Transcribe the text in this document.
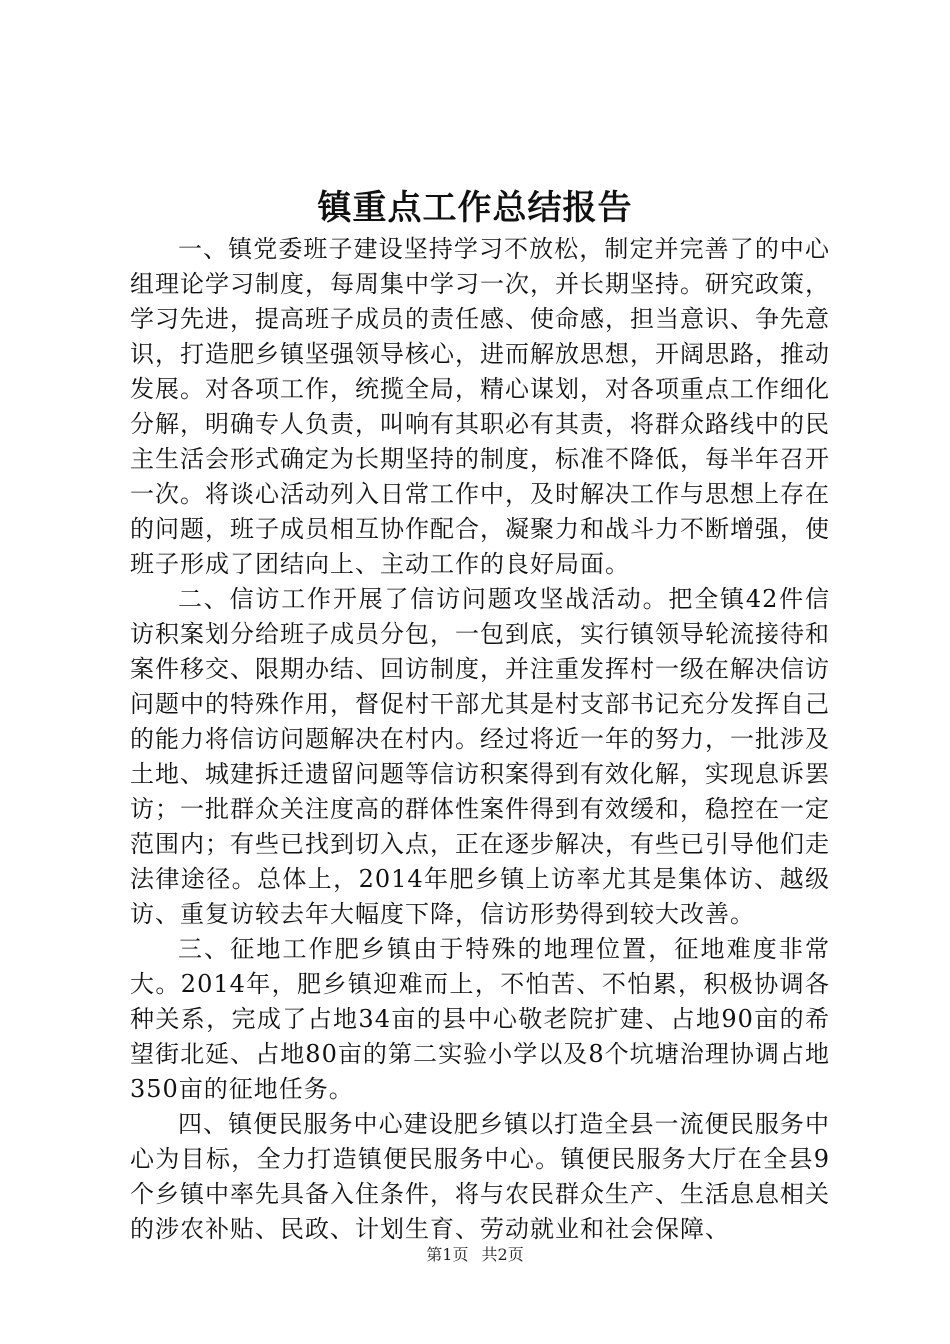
镇重点工作总结报告

一、镇党委班子建设坚持学习不放松，制定并完善了的中心组理论学习制度，每周集中学习一次，并长期坚持。研究政策，学习先进，提高班子成员的责任感、使命感，担当意识、争先意识，打造肥乡镇坚强领导核心，进而解放思想，开阔思路，推动发展。对各项工作，统揽全局，精心谋划，对各项重点工作细化分解，明确专人负责，叫响有其职必有其责，将群众路线中的民主生活会形式确定为长期坚持的制度，标准不降低，每半年召开一次。将谈心活动列入日常工作中，及时解决工作与思想上存在的问题，班子成员相互协作配合，凝聚力和战斗力不断增强，使班子形成了团结向上、主动工作的良好局面。

二、信访工作开展了信访问题攻坚战活动。把全镇42件信访积案划分给班子成员分包，一包到底，实行镇领导轮流接待和案件移交、限期办结、回访制度，并注重发挥村一级在解决信访问题中的特殊作用，督促村干部尤其是村支部书记充分发挥自己的能力将信访问题解决在村内。经过将近一年的努力，一批涉及土地、城建拆迁遗留问题等信访积案得到有效化解，实现息诉罢访；一批群众关注度高的群体性案件得到有效缓和，稳控在一定范围内；有些已找到切入点，正在逐步解决，有些已引导他们走法律途径。总体上，2014年肥乡镇上访率尤其是集体访、越级访、重复访较去年大幅度下降，信访形势得到较大改善。

三、征地工作肥乡镇由于特殊的地理位置，征地难度非常大。2014年，肥乡镇迎难而上，不怕苦、不怕累，积极协调各种关系，完成了占地34亩的县中心敬老院扩建、占地90亩的希望街北延、占地80亩的第二实验小学以及8个坑塘治理协调占地350亩的征地任务。

四、镇便民服务中心建设肥乡镇以打造全县一流便民服务中心为目标，全力打造镇便民服务中心。镇便民服务大厅在全县9个乡镇中率先具备入住条件，将与农民群众生产、生活息息相关的涉农补贴、民政、计划生育、劳动就业和社会保障、

第1页 共2页
